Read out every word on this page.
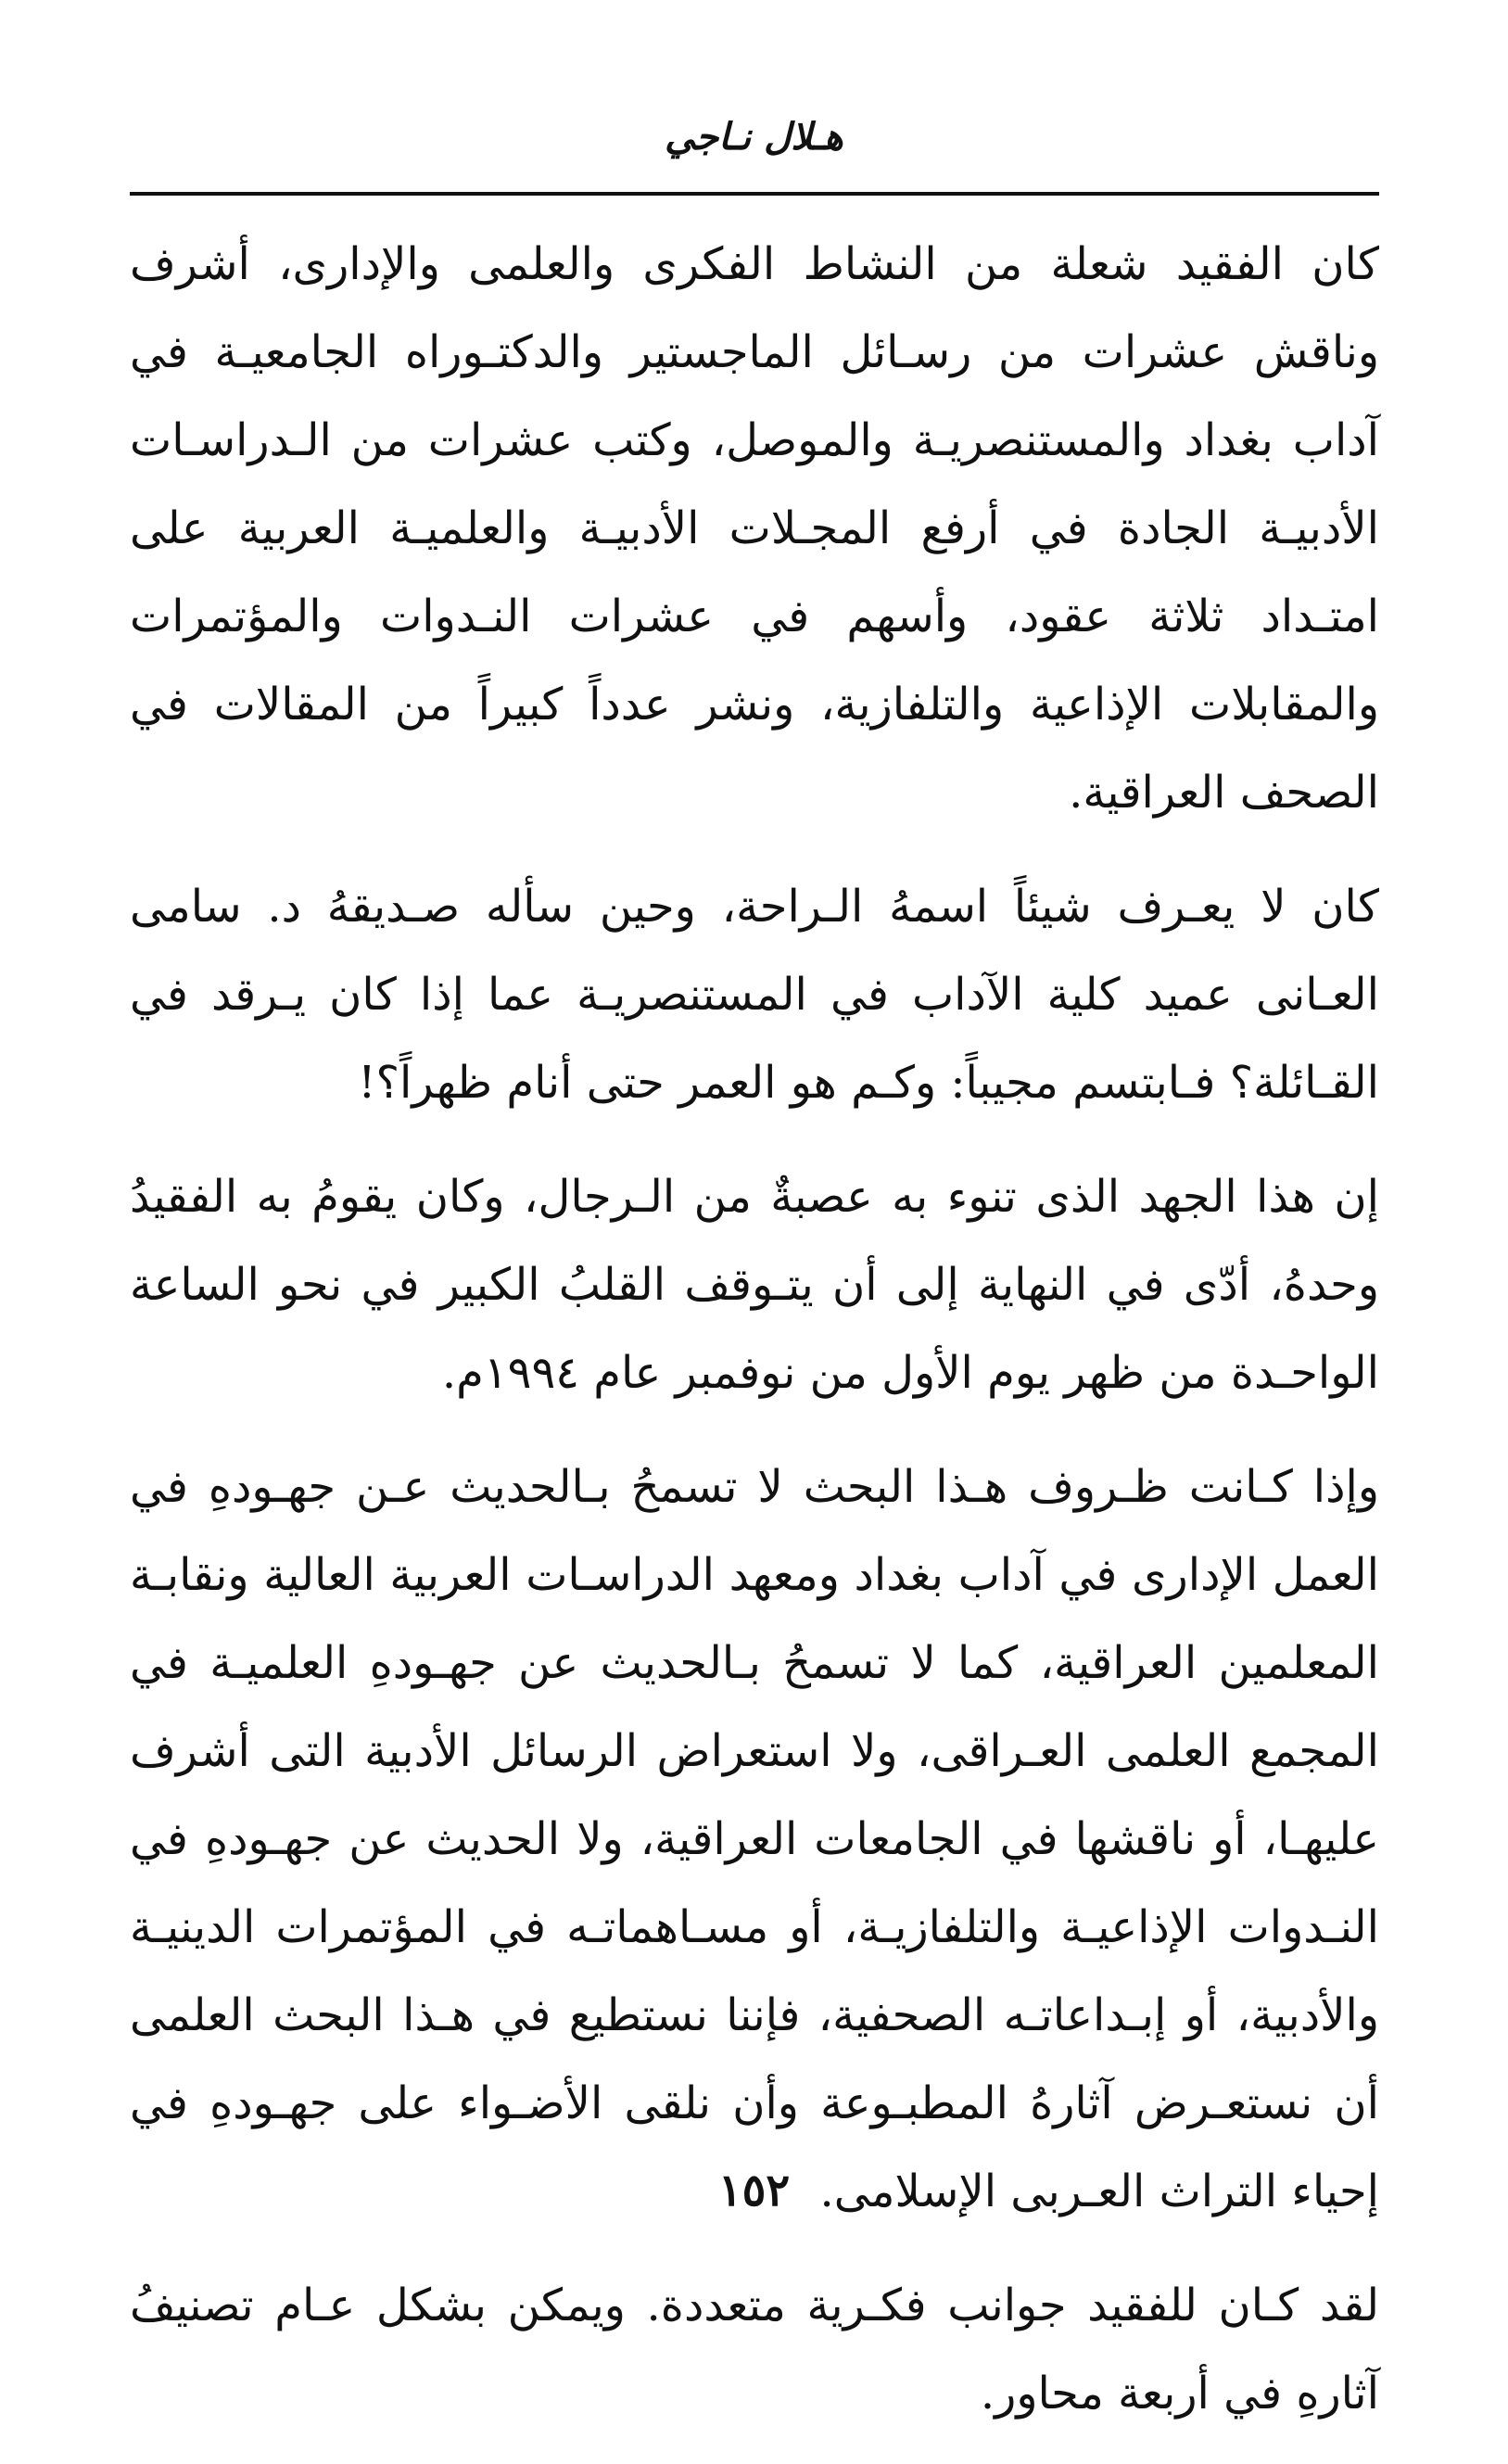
هـلال نـاجي

كان الفقيد شعلة من النشاط الفكرى والعلمى والإدارى، أشرف وناقش عشرات من رسـائل الماجستير والدكتـوراه الجامعيـة في آداب بغداد والمستنصريـة والموصل، وكتب عشرات من الـدراسـات الأدبيـة الجادة في أرفع المجـلات الأدبيـة والعلميـة العربية على امتـداد ثلاثة عقود، وأسهم في عشرات النـدوات والمؤتمرات والمقابلات الإذاعية والتلفازية، ونشر عدداً كبيراً من المقالات في الصحف العراقية.

كان لا يعـرف شيئاً اسمهُ الـراحة، وحين سأله صـديقهُ د. سامى العـانى عميد كلية الآداب في المستنصريـة عما إذا كان يـرقد في القـائلة؟ فـابتسم مجيباً: وكـم هو العمر حتى أنام ظهراً؟!

إن هذا الجهد الذى تنوء به عصبةٌ من الـرجال، وكان يقومُ به الفقيدُ وحدهُ، أدّى في النهاية إلى أن يتـوقف القلبُ الكبير في نحو الساعة الواحـدة من ظهر يوم الأول من نوفمبر عام ١٩٩٤م.

وإذا كـانت ظـروف هـذا البحث لا تسمحُ بـالحديث عـن جهـودهِ في العمل الإدارى في آداب بغداد ومعهد الدراسـات العربية العالية ونقابـة المعلمين العراقية، كما لا تسمحُ بـالحديث عن جهـودهِ العلميـة في المجمع العلمى العـراقى، ولا استعراض الرسائل الأدبية التى أشرف عليهـا، أو ناقشها في الجامعات العراقية، ولا الحديث عن جهـودهِ في النـدوات الإذاعيـة والتلفازيـة، أو مسـاهماتـه في المؤتمرات الدينيـة والأدبية، أو إبـداعاتـه الصحفية، فإننا نستطيع في هـذا البحث العلمى أن نستعـرض آثارهُ المطبـوعة وأن نلقى الأضـواء على جهـودهِ في إحياء التراث العـربى الإسلامى.

لقد كـان للفقيد جوانب فكـرية متعددة. ويمكن بشكل عـام تصنيفُ آثارهِ في أربعة محاور.

١٥٢
